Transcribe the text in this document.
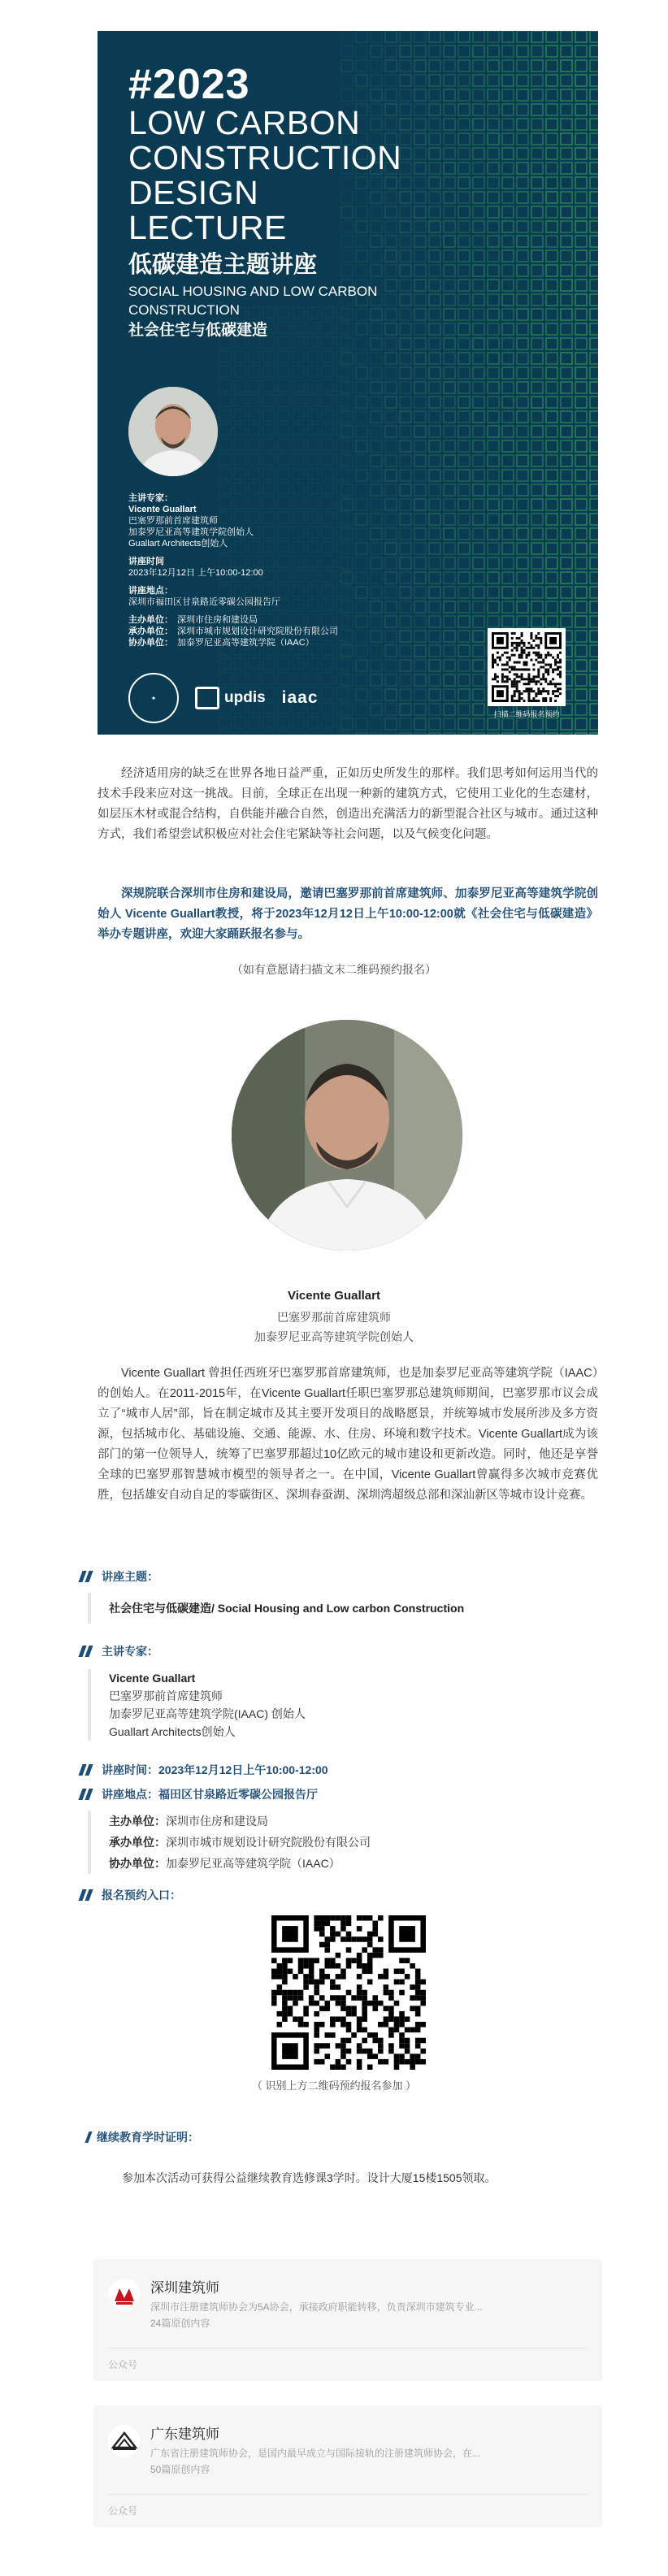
#2023
LOW CARBON
CONSTRUCTION
DESIGN
LECTURE
低碳建造主题讲座
SOCIAL HOUSING AND LOW CARBON
CONSTRUCTION
社会住宅与低碳建造
主讲专家：
Vicente Guallart
巴塞罗那前首席建筑师
加泰罗尼亚高等建筑学院创始人
Guallart Architects创始人
讲座时间
2023年12月12日 上午10:00-12:00
讲座地点：
深圳市福田区甘泉路近零碳公园报告厅
主办单位： 深圳市住房和建设局
承办单位： 深圳市城市规划设计研究院股份有限公司
协办单位： 加泰罗尼亚高等建筑学院（IAAC）
✦	updis iaac
扫描二维码报名预约

经济适用房的缺乏在世界各地日益严重，正如历史所发生的那样。我们思考如何运用当代的技术手段来应对这一挑战。目前，全球正在出现一种新的建筑方式，它使用工业化的生态建材，如层压木材或混合结构，自供能并融合自然，创造出充满活力的新型混合社区与城市。通过这种方式，我们希望尝试积极应对社会住宅紧缺等社会问题，以及气候变化问题。

深规院联合深圳市住房和建设局，邀请巴塞罗那前首席建筑师、加泰罗尼亚高等建筑学院创始人 Vicente Guallart教授，将于2023年12月12日上午10:00-12:00就《社会住宅与低碳建造》举办专题讲座，欢迎大家踊跃报名参与。

（如有意愿请扫描文末二维码预约报名）
Vicente Guallart
巴塞罗那前首席建筑师
加泰罗尼亚高等建筑学院创始人

Vicente Guallart 曾担任西班牙巴塞罗那首席建筑师，也是加泰罗尼亚高等建筑学院（IAAC）的创始人。在2011-2015年，在Vicente Guallart任职巴塞罗那总建筑师期间，巴塞罗那市议会成立了“城市人居”部，旨在制定城市及其主要开发项目的战略愿景，并统筹城市发展所涉及多方资源，包括城市化、基础设施、交通、能源、水、住房、环境和数字技术。Vicente Guallart成为该部门的第一位领导人，统筹了巴塞罗那超过10亿欧元的城市建设和更新改造。同时，他还是享誉全球的巴塞罗那智慧城市模型的领导者之一。在中国，Vicente Guallart曾赢得多次城市竞赛优胜，包括雄安自动自足的零碳街区、深圳春蚕湖、深圳湾超级总部和深汕新区等城市设计竞赛。

讲座主题：
社会住宅与低碳建造/ Social Housing and Low carbon Construction
主讲专家：
Vicente Guallart
巴塞罗那前首席建筑师
加泰罗尼亚高等建筑学院(IAAC) 创始人
Guallart Architects创始人
讲座时间：2023年12月12日上午10:00-12:00
讲座地点：福田区甘泉路近零碳公园报告厅
主办单位：深圳市住房和建设局
承办单位：深圳市城市规划设计研究院股份有限公司
协办单位：加泰罗尼亚高等建筑学院（IAAC）
报名预约入口：
（ 识别上方二维码预约报名参加 ）
继续教育学时证明：
参加本次活动可获得公益继续教育选修课3学时。设计大厦15楼1505领取。
深圳建筑师
深圳市注册建筑师协会为5A协会，承接政府职能转移，负责深圳市建筑专业...
24篇原创内容
公众号
广东建筑师
广东省注册建筑师协会，是国内最早成立与国际接轨的注册建筑师协会，在...
50篇原创内容
公众号
